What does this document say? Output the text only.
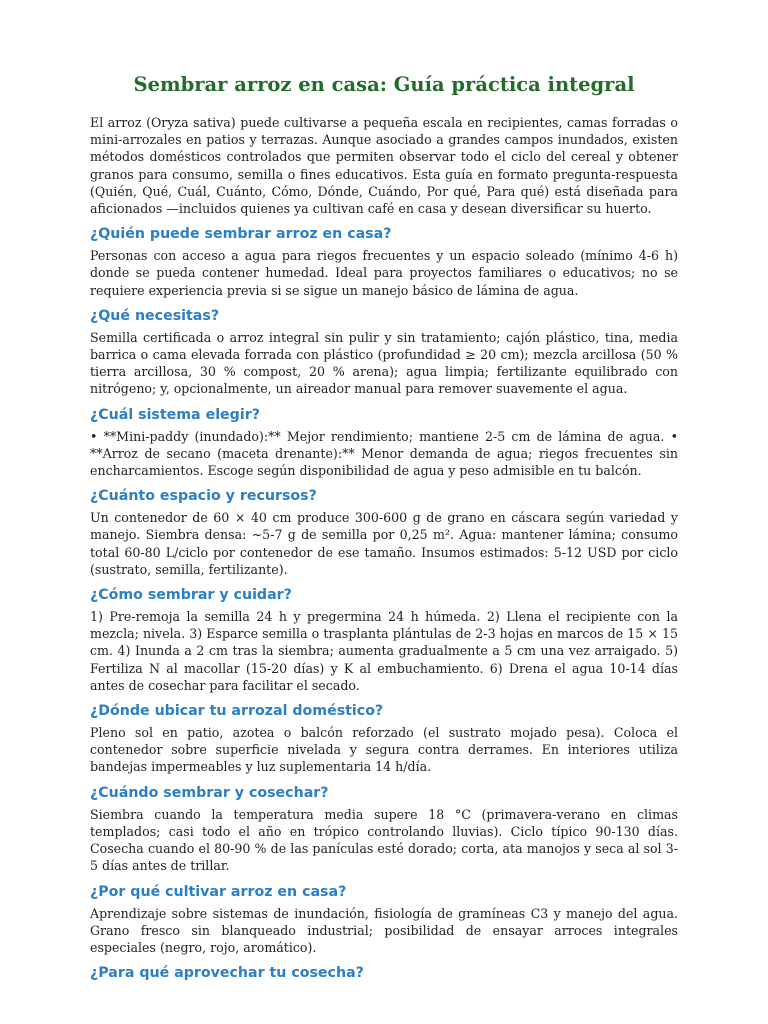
Sembrar arroz en casa: Guía práctica integral

El arroz (Oryza sativa) puede cultivarse a pequeña escala en recipientes, camas forradas o mini-arrozales en patios y terrazas. Aunque asociado a grandes campos inundados, existen métodos domésticos controlados que permiten observar todo el ciclo del cereal y obtener granos para consumo, semilla o fines educativos. Esta guía en formato pregunta-respuesta (Quién, Qué, Cuál, Cuánto, Cómo, Dónde, Cuándo, Por qué, Para qué) está diseñada para aficionados —incluidos quienes ya cultivan café en casa y desean diversificar su huerto.

¿Quién puede sembrar arroz en casa?

Personas con acceso a agua para riegos frecuentes y un espacio soleado (mínimo 4-6 h) donde se pueda contener humedad. Ideal para proyectos familiares o educativos; no se requiere experiencia previa si se sigue un manejo básico de lámina de agua.

¿Qué necesitas?

Semilla certificada o arroz integral sin pulir y sin tratamiento; cajón plástico, tina, media barrica o cama elevada forrada con plástico (profundidad ≥ 20 cm); mezcla arcillosa (50 % tierra arcillosa, 30 % compost, 20 % arena); agua limpia; fertilizante equilibrado con nitrógeno; y, opcionalmente, un aireador manual para remover suavemente el agua.

¿Cuál sistema elegir?

• **Mini-paddy (inundado):** Mejor rendimiento; mantiene 2-5 cm de lámina de agua. • **Arroz de secano (maceta drenante):** Menor demanda de agua; riegos frecuentes sin encharcamientos. Escoge según disponibilidad de agua y peso admisible en tu balcón.

¿Cuánto espacio y recursos?

Un contenedor de 60 × 40 cm produce 300-600 g de grano en cáscara según variedad y manejo. Siembra densa: ~5-7 g de semilla por 0,25 m². Agua: mantener lámina; consumo total 60-80 L/ciclo por contenedor de ese tamaño. Insumos estimados: 5-12 USD por ciclo (sustrato, semilla, fertilizante).

¿Cómo sembrar y cuidar?

1) Pre-remoja la semilla 24 h y pregermina 24 h húmeda. 2) Llena el recipiente con la mezcla; nivela. 3) Esparce semilla o trasplanta plántulas de 2-3 hojas en marcos de 15 × 15 cm. 4) Inunda a 2 cm tras la siembra; aumenta gradualmente a 5 cm una vez arraigado. 5) Fertiliza N al macollar (15-20 días) y K al embuchamiento. 6) Drena el agua 10-14 días antes de cosechar para facilitar el secado.

¿Dónde ubicar tu arrozal doméstico?

Pleno sol en patio, azotea o balcón reforzado (el sustrato mojado pesa). Coloca el contenedor sobre superficie nivelada y segura contra derrames. En interiores utiliza bandejas impermeables y luz suplementaria 14 h/día.

¿Cuándo sembrar y cosechar?

Siembra cuando la temperatura media supere 18 °C (primavera-verano en climas templados; casi todo el año en trópico controlando lluvias). Ciclo típico 90-130 días. Cosecha cuando el 80-90 % de las panículas esté dorado; corta, ata manojos y seca al sol 3-5 días antes de trillar.

¿Por qué cultivar arroz en casa?

Aprendizaje sobre sistemas de inundación, fisiología de gramíneas C3 y manejo del agua. Grano fresco sin blanqueado industrial; posibilidad de ensayar arroces integrales especiales (negro, rojo, aromático).

¿Para qué aprovechar tu cosecha?
